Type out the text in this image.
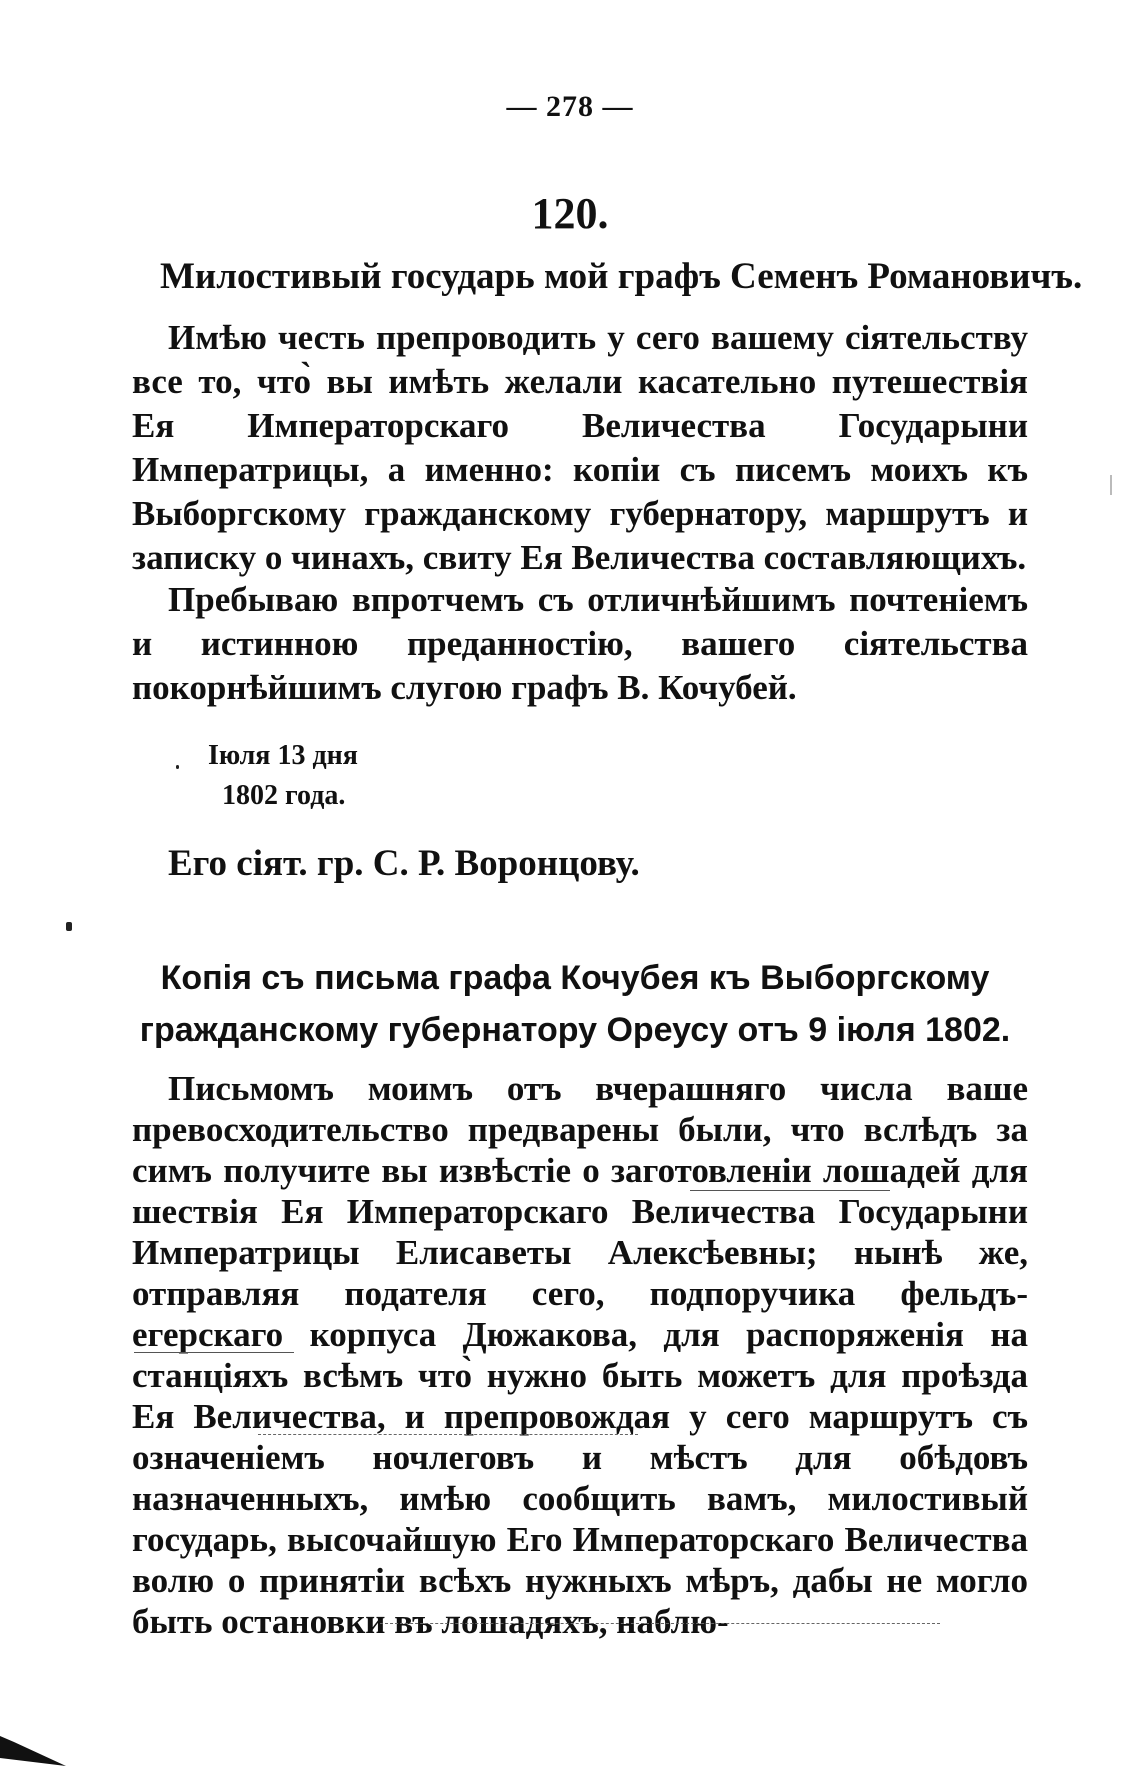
— 278 —
120.
Милостивый государь мой графъ Семенъ Романовичъ.
Имѣю честь препроводить у сего вашему сіятельству все то, что̀ вы имѣть желали касательно путешествія Ея Императорскаго Величества Государыни Императрицы, а именно: копіи съ писемъ моихъ къ Выборгскому гражданскому губернатору, маршрутъ и записку о чинахъ, свиту Ея Величества составляющихъ.
Пребываю впротчемъ съ отличнѣйшимъ почтеніемъ и истинною преданностію, вашего сіятельства покорнѣйшимъ слугою графъ В. Кочубей.
Іюля 13 дня
1802 года.
Его сіят. гр. С. Р. Воронцову.
Копія съ письма графа Кочубея къ Выборгскому гражданскому губернатору Ореусу отъ 9 іюля 1802.
Письмомъ моимъ отъ вчерашняго числа ваше превосходительство предварены были, что вслѣдъ за симъ получите вы извѣстіе о заготовленіи лошадей для шествія Ея Императорскаго Величества Государыни Императрицы Елисаветы Алексѣевны; нынѣ же, отправляя подателя сего, подпоручика фельдъ-егерскаго корпуса Дюжакова, для распоряженія на станціяхъ всѣмъ что̀ нужно быть можетъ для проѣзда Ея Величества, и препровождая у сего маршрутъ съ означеніемъ ночлеговъ и мѣстъ для обѣдовъ назначенныхъ, имѣю сообщить вамъ, милостивый государь, высочайшую Его Императорскаго Величества волю о принятіи всѣхъ нужныхъ мѣръ, дабы не могло быть остановки въ лошадяхъ, наблю-
